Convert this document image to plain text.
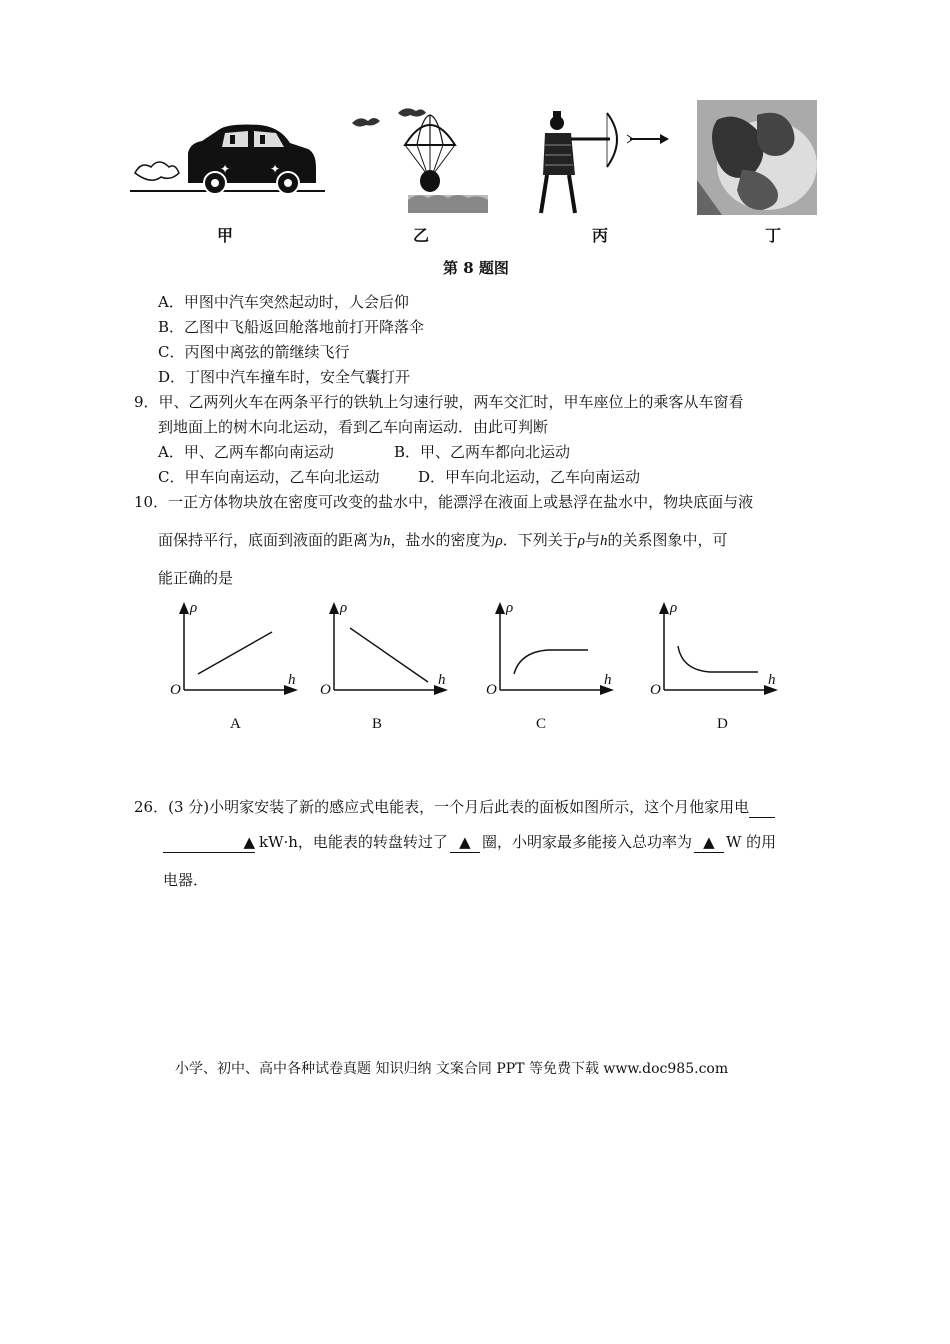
✦	✦
甲	乙	丙	丁
第 8 题图
A．甲图中汽车突然起动时，人会后仰
B．乙图中飞船返回舱落地前打开降落伞
C．丙图中离弦的箭继续飞行
D．丁图中汽车撞车时，安全气囊打开
9．甲、乙两列火车在两条平行的铁轨上匀速行驶，两车交汇时，甲车座位上的乘客从车窗看
到地面上的树木向北运动，看到乙车向南运动．由此可判断
A．甲、乙两车都向南运动	B．甲、乙两车都向北运动
C．甲车向南运动，乙车向北运动	D．甲车向北运动，乙车向南运动
10．一正方体物块放在密度可改变的盐水中，能漂浮在液面上或悬浮在盐水中，物块底面与液
面保持平行，底面到液面的距离为h，盐水的密度为ρ．下列关于ρ与h的关系图象中，可
能正确的是
ρ
h
O
A
ρ
h
O
B
ρ
h
O
C
ρ
h
O
D
26．(3 分)小明家安装了新的感应式电能表，一个月后此表的面板如图所示，这个月他家用电
▲ kW·h，电能表的转盘转过了 ▲ 圈，小明家最多能接入总功率为 ▲ W 的用
电器．
小学、初中、高中各种试卷真题 知识归纳 文案合同 PPT 等免费下载 www.doc985.com
